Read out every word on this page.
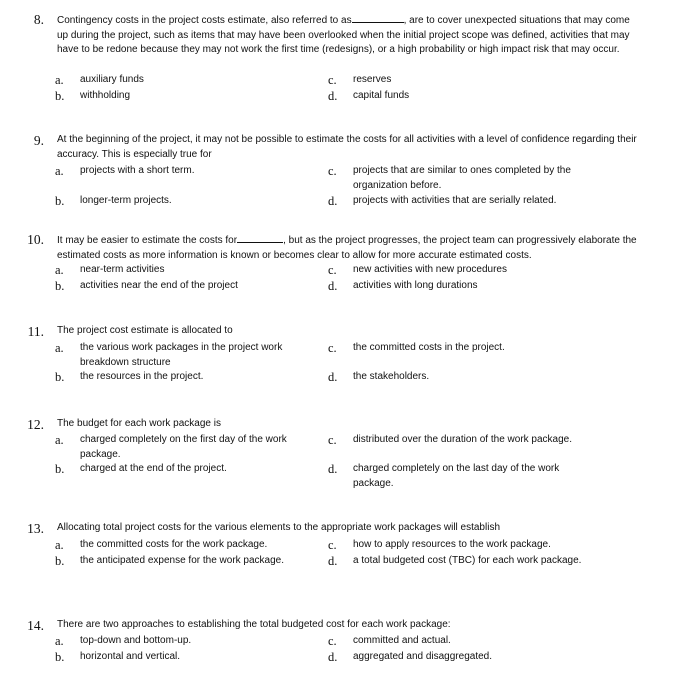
8. Contingency costs in the project costs estimate, also referred to as	, are to cover unexpected situations that may come up during the project, such as items that may have been overlooked when the initial project scope was defined, activities that may have to be redone because they may not work the first time (redesigns), or a high probability or high impact risk that may occur.
a. auxiliary funds
b. withholding
c. reserves
d. capital funds
9. At the beginning of the project, it may not be possible to estimate the costs for all activities with a level of confidence regarding their accuracy. This is especially true for
a. projects with a short term.
b. longer-term projects.
c. projects that are similar to ones completed by the organization before.
d. projects with activities that are serially related.
10. It may be easier to estimate the costs for	, but as the project progresses, the project team can progressively elaborate the estimated costs as more information is known or becomes clear to allow for more accurate estimated costs.
a. near-term activities
b. activities near the end of the project
c. new activities with new procedures
d. activities with long durations
11. The project cost estimate is allocated to
a. the various work packages in the project work breakdown structure
b. the resources in the project.
c. the committed costs in the project.
d. the stakeholders.
12. The budget for each work package is
a. charged completely on the first day of the work package.
b. charged at the end of the project.
c. distributed over the duration of the work package.
d. charged completely on the last day of the work package.
13. Allocating total project costs for the various elements to the appropriate work packages will establish
a. the committed costs for the work package.
b. the anticipated expense for the work package.
c. how to apply resources to the work package.
d. a total budgeted cost (TBC) for each work package.
14. There are two approaches to establishing the total budgeted cost for each work package:
a. top-down and bottom-up.
b. horizontal and vertical.
c. committed and actual.
d. aggregated and disaggregated.
